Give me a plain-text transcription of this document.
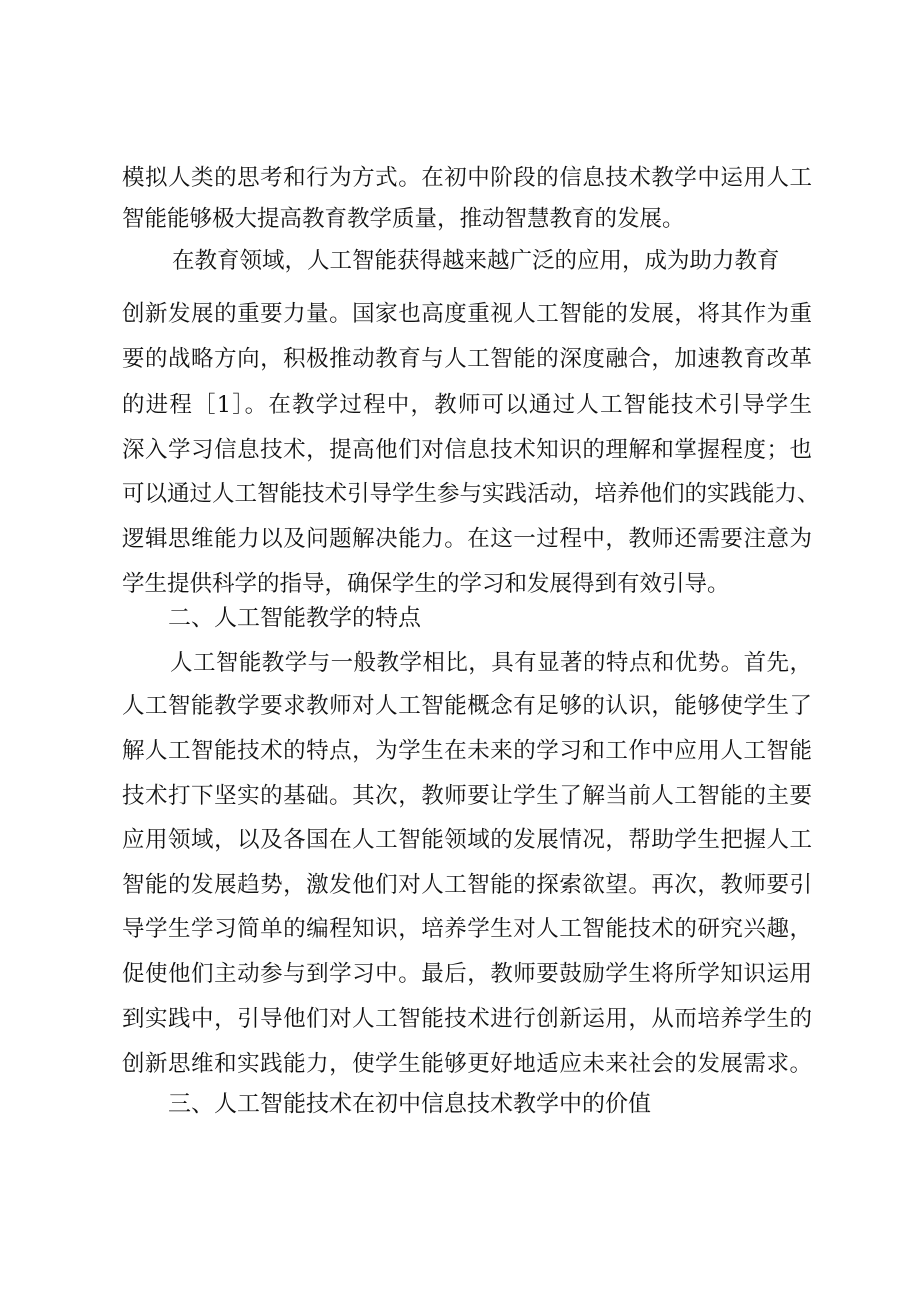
模拟人类的思考和行为方式。在初中阶段的信息技术教学中运用人工
智能能够极大提高教育教学质量，推动智慧教育的发展。
在教育领域，人工智能获得越来越广泛的应用，成为助力教育
创新发展的重要力量。国家也高度重视人工智能的发展，将其作为重
要的战略方向，积极推动教育与人工智能的深度融合，加速教育改革
的进程［1］。在教学过程中，教师可以通过人工智能技术引导学生
深入学习信息技术，提高他们对信息技术知识的理解和掌握程度；也
可以通过人工智能技术引导学生参与实践活动，培养他们的实践能力、
逻辑思维能力以及问题解决能力。在这一过程中，教师还需要注意为
学生提供科学的指导，确保学生的学习和发展得到有效引导。
二、人工智能教学的特点
人工智能教学与一般教学相比，具有显著的特点和优势。首先，
人工智能教学要求教师对人工智能概念有足够的认识，能够使学生了
解人工智能技术的特点，为学生在未来的学习和工作中应用人工智能
技术打下坚实的基础。其次，教师要让学生了解当前人工智能的主要
应用领域，以及各国在人工智能领域的发展情况，帮助学生把握人工
智能的发展趋势，激发他们对人工智能的探索欲望。再次，教师要引
导学生学习简单的编程知识，培养学生对人工智能技术的研究兴趣，
促使他们主动参与到学习中。最后，教师要鼓励学生将所学知识运用
到实践中，引导他们对人工智能技术进行创新运用，从而培养学生的
创新思维和实践能力，使学生能够更好地适应未来社会的发展需求。
三、人工智能技术在初中信息技术教学中的价值
